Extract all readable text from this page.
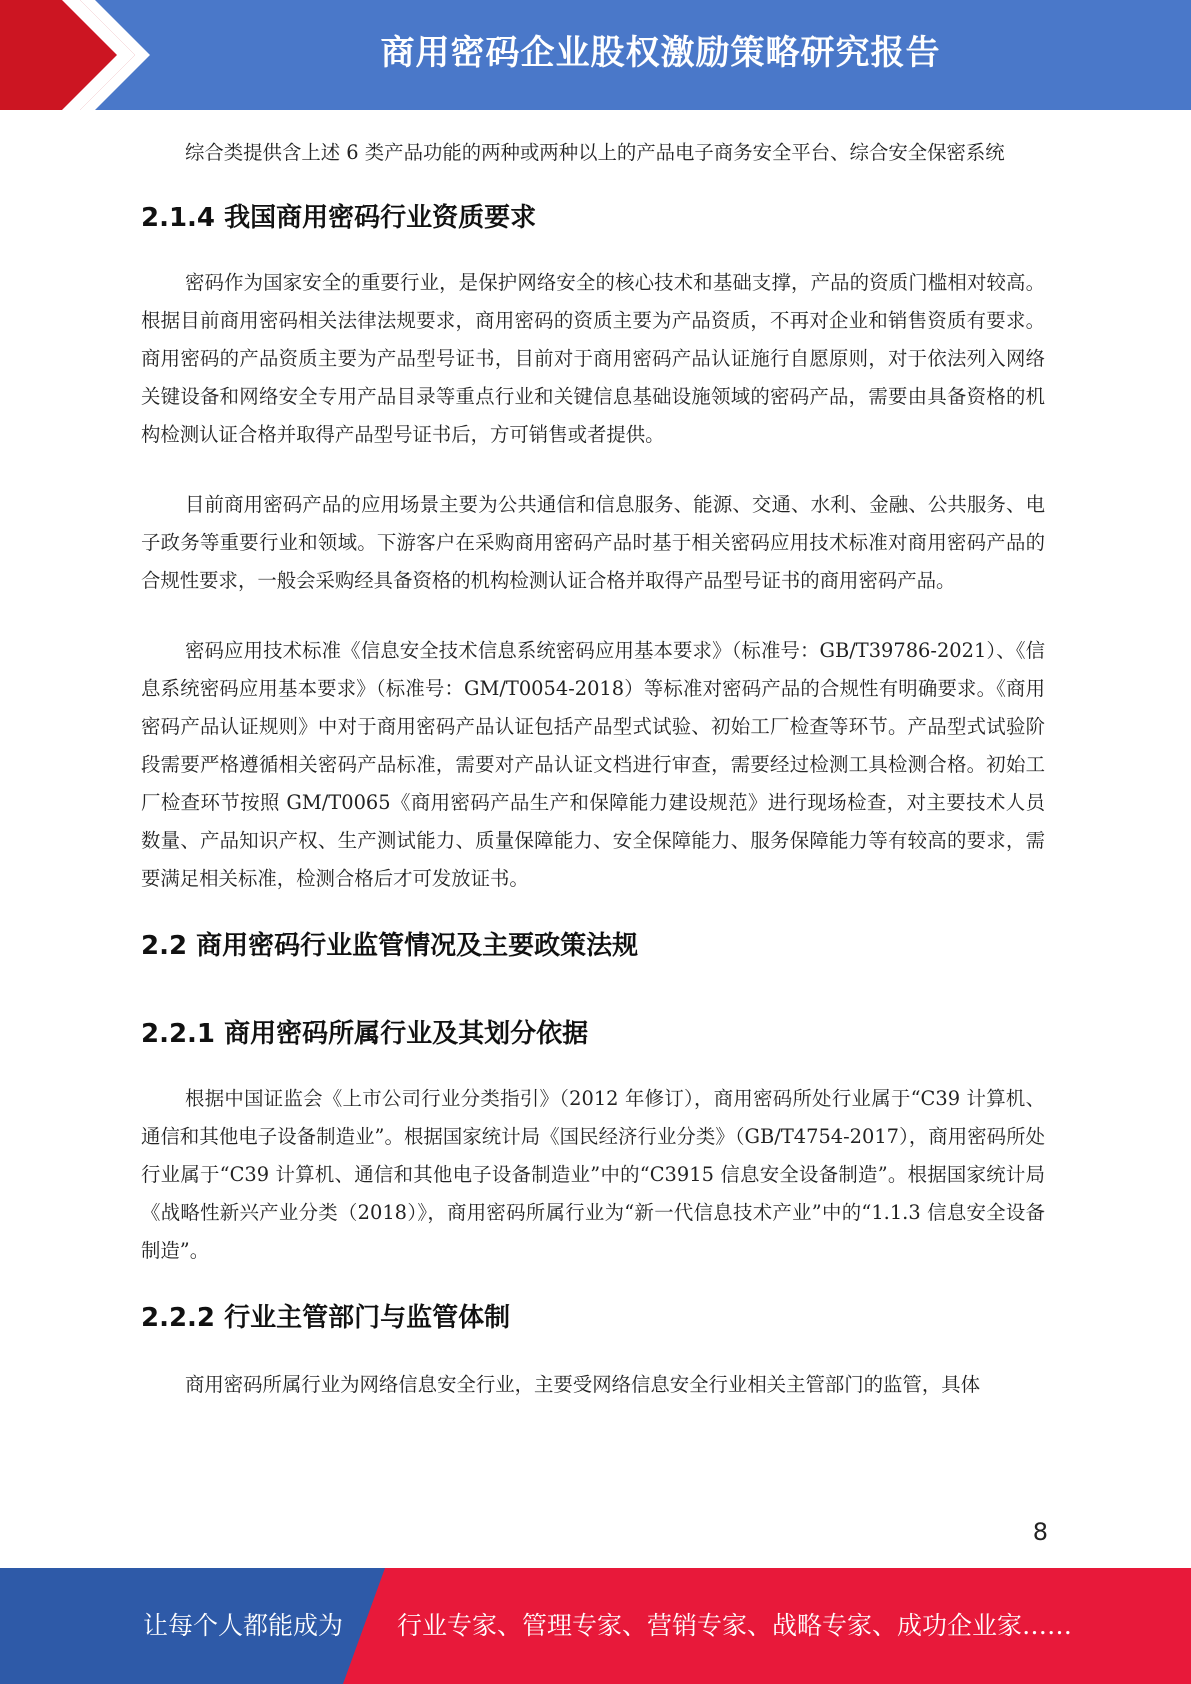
商用密码企业股权激励策略研究报告

综合类提供含上述 6 类产品功能的两种或两种以上的产品电子商务安全平台、综合安全保密系统

2.1.4 我国商用密码行业资质要求

密码作为国家安全的重要行业，是保护网络安全的核心技术和基础支撑，产品的资质门槛相对较高。根据目前商用密码相关法律法规要求，商用密码的资质主要为产品资质，不再对企业和销售资质有要求。商用密码的产品资质主要为产品型号证书，目前对于商用密码产品认证施行自愿原则，对于依法列入网络关键设备和网络安全专用产品目录等重点行业和关键信息基础设施领域的密码产品，需要由具备资格的机构检测认证合格并取得产品型号证书后，方可销售或者提供。

目前商用密码产品的应用场景主要为公共通信和信息服务、能源、交通、水利、金融、公共服务、电子政务等重要行业和领域。下游客户在采购商用密码产品时基于相关密码应用技术标准对商用密码产品的合规性要求，一般会采购经具备资格的机构检测认证合格并取得产品型号证书的商用密码产品。

密码应用技术标准《信息安全技术信息系统密码应用基本要求》（标准号：GB/T39786-2021）、《信息系统密码应用基本要求》（标准号：GM/T0054-2018）等标准对密码产品的合规性有明确要求。《商用密码产品认证规则》中对于商用密码产品认证包括产品型式试验、初始工厂检查等环节。产品型式试验阶段需要严格遵循相关密码产品标准，需要对产品认证文档进行审查，需要经过检测工具检测合格。初始工厂检查环节按照 GM/T0065《商用密码产品生产和保障能力建设规范》进行现场检查，对主要技术人员数量、产品知识产权、生产测试能力、质量保障能力、安全保障能力、服务保障能力等有较高的要求，需要满足相关标准，检测合格后才可发放证书。

2.2 商用密码行业监管情况及主要政策法规
2.2.1 商用密码所属行业及其划分依据

根据中国证监会《上市公司行业分类指引》（2012 年修订），商用密码所处行业属于“C39 计算机、通信和其他电子设备制造业”。根据国家统计局《国民经济行业分类》（GB/T4754-2017），商用密码所处行业属于“C39 计算机、通信和其他电子设备制造业”中的“C3915 信息安全设备制造”。根据国家统计局《战略性新兴产业分类（2018）》，商用密码所属行业为“新一代信息技术产业”中的“1.1.3 信息安全设备制造”。

2.2.2 行业主管部门与监管体制

商用密码所属行业为网络信息安全行业，主要受网络信息安全行业相关主管部门的监管，具体

8
让每个人都能成为 行业专家、管理专家、营销专家、战略专家、成功企业家……
